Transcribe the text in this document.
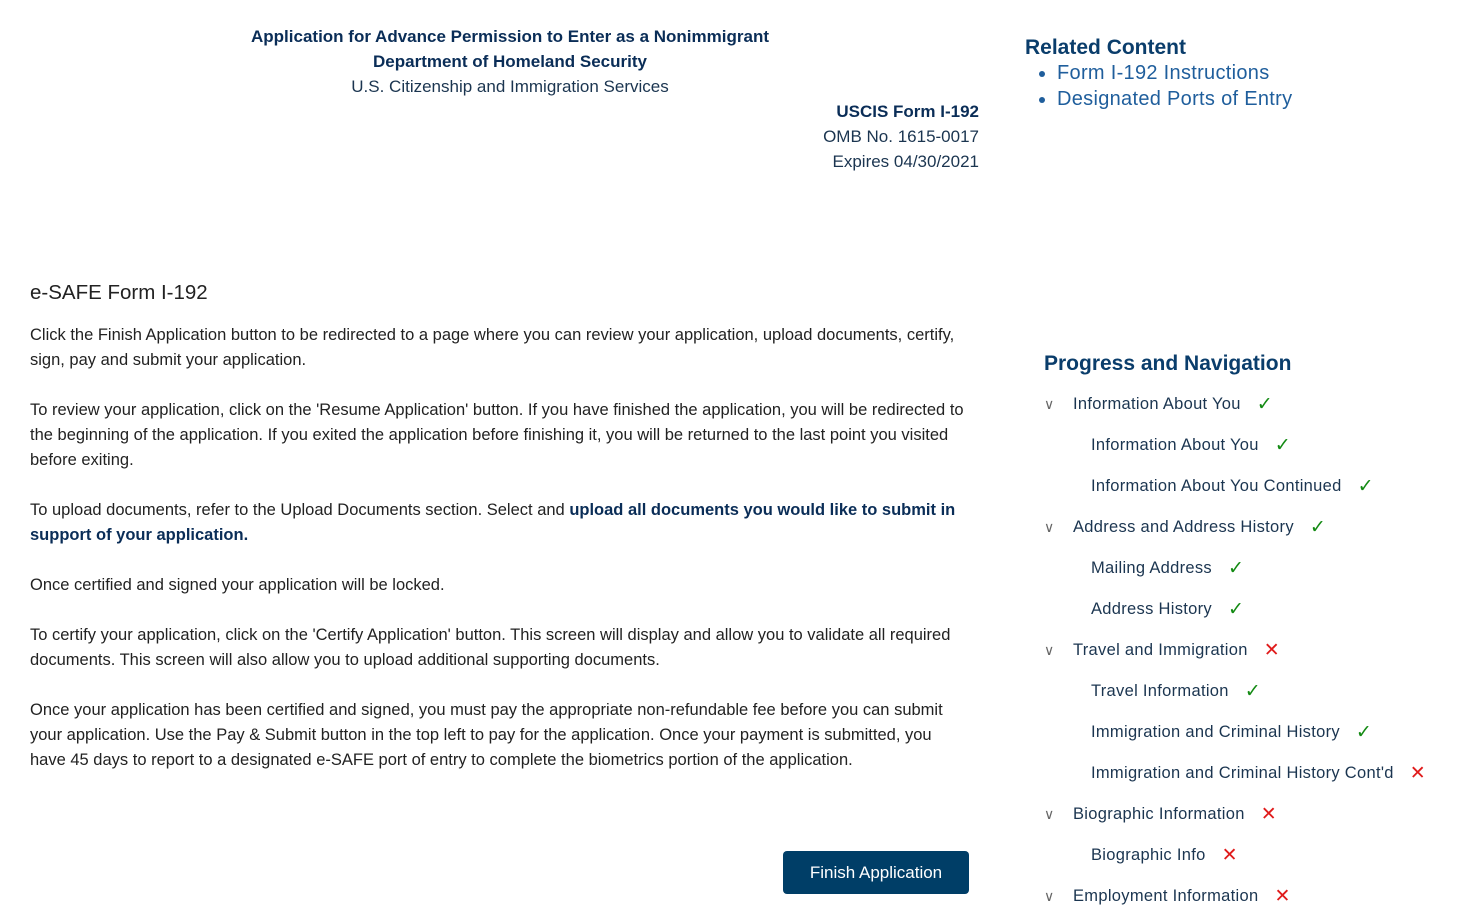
Application for Advance Permission to Enter as a Nonimmigrant
Department of Homeland Security
U.S. Citizenship and Immigration Services
USCIS Form I-192
OMB No. 1615-0017
Expires 04/30/2021
Related Content
• Form I-192 Instructions
• Designated Ports of Entry
e-SAFE Form I-192

Click the Finish Application button to be redirected to a page where you can review your application, upload documents, certify, sign, pay and submit your application.

To review your application, click on the 'Resume Application' button. If you have finished the application, you will be redirected to the beginning of the application. If you exited the application before finishing it, you will be returned to the last point you visited before exiting.

To upload documents, refer to the Upload Documents section. Select and upload all documents you would like to submit in support of your application.

Once certified and signed your application will be locked.

To certify your application, click on the 'Certify Application' button. This screen will display and allow you to validate all required documents. This screen will also allow you to upload additional supporting documents.

Once your application has been certified and signed, you must pay the appropriate non-refundable fee before you can submit your application. Use the Pay & Submit button in the top left to pay for the application. Once your payment is submitted, you have 45 days to report to a designated e-SAFE port of entry to complete the biometrics portion of the application.

Finish Application
Progress and Navigation
∨	Information About You ✓
Information About You ✓
Information About You Continued ✓
∨	Address and Address History ✓
Mailing Address ✓
Address History ✓
∨	Travel and Immigration ✕
Travel Information ✓
Immigration and Criminal History ✓
Immigration and Criminal History Cont'd ✕
∨	Biographic Information ✕
Biographic Info ✕
∨	Employment Information ✕
